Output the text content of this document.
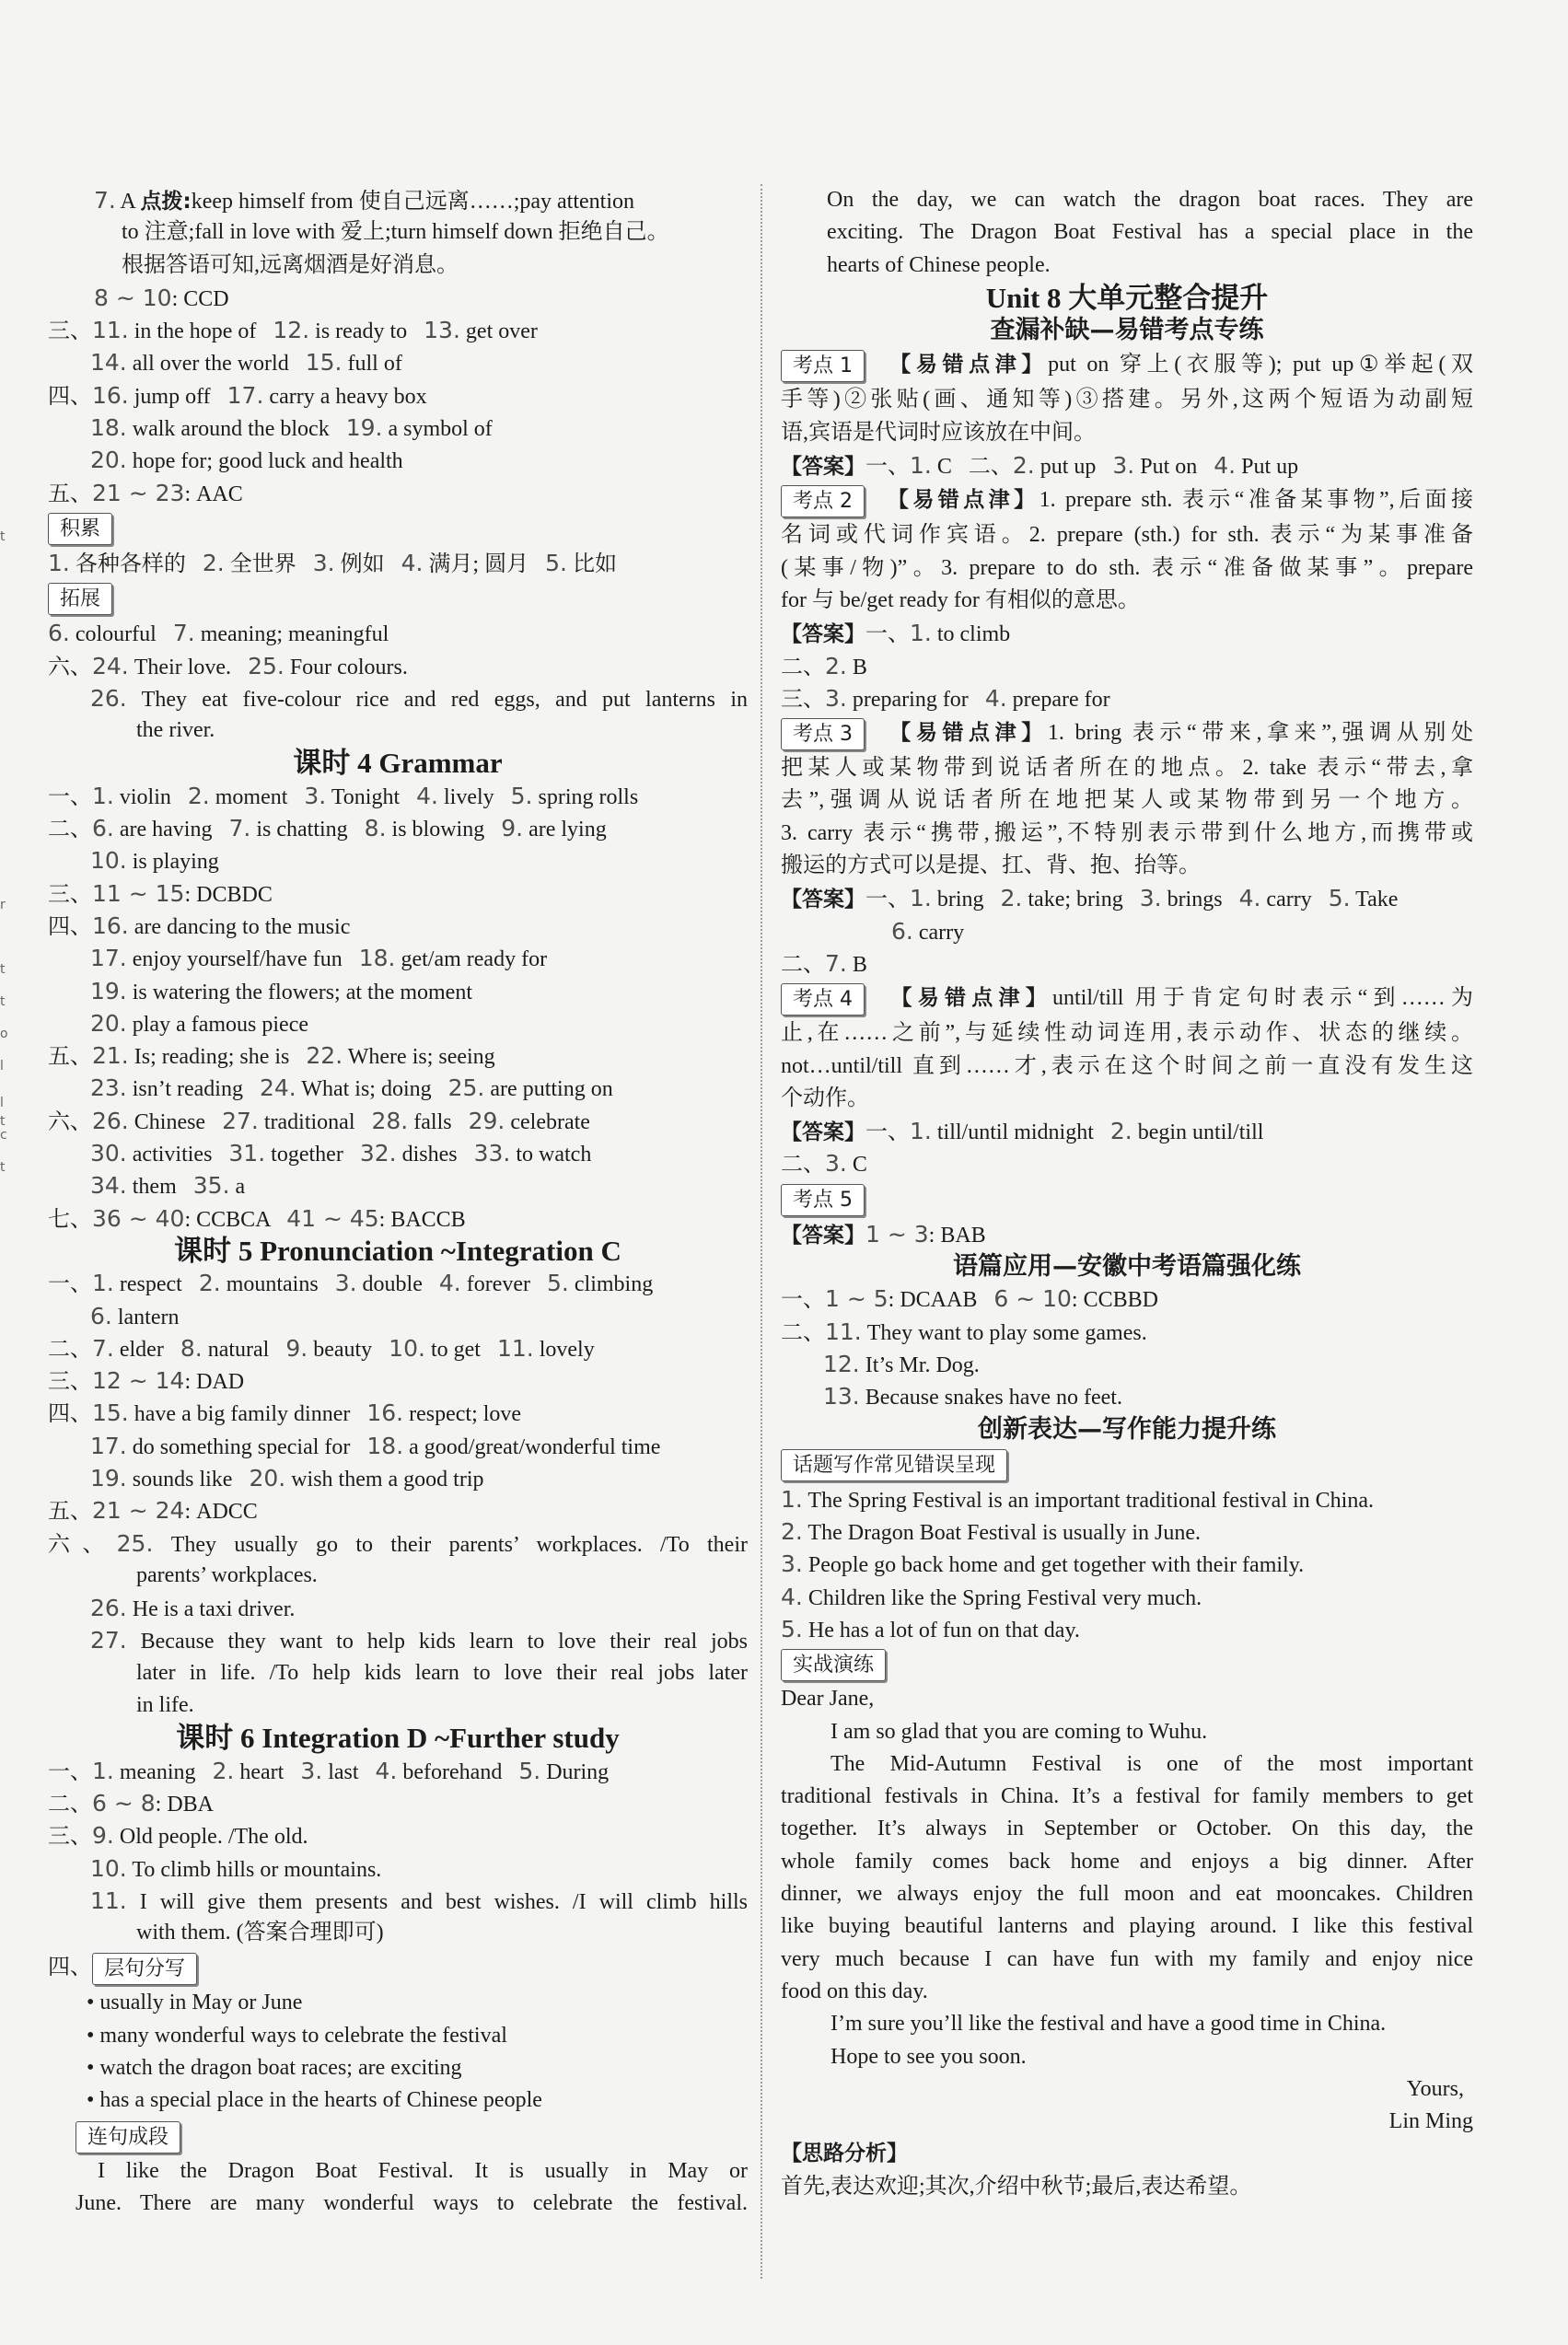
t
r
t
t
o
l
l
c
t
t
7. A 点拨:keep himself from 使自己远离……;pay attention
to 注意;fall in love with 爱上;turn himself down 拒绝自己。
根据答语可知,远离烟酒是好消息。
8 ~ 10: CCD
三、11. in the hope of   12. is ready to   13. get over
14. all over the world   15. full of
四、16. jump off   17. carry a heavy box
18. walk around the block   19. a symbol of
20. hope for; good luck and health
五、21 ~ 23: AAC
积累
1. 各种各样的   2. 全世界   3. 例如   4. 满月; 圆月   5. 比如
拓展
6. colourful   7. meaning; meaningful
六、24. Their love.   25. Four colours.
26. They eat five-colour rice and red eggs, and put lanterns in
the river.
课时 4 Grammar
一、1. violin   2. moment   3. Tonight   4. lively   5. spring rolls
二、6. are having   7. is chatting   8. is blowing   9. are lying
10. is playing
三、11 ~ 15: DCBDC
四、16. are dancing to the music
17. enjoy yourself/have fun   18. get/am ready for
19. is watering the flowers; at the moment
20. play a famous piece
五、21. Is; reading; she is   22. Where is; seeing
23. isn’t reading   24. What is; doing   25. are putting on
六、26. Chinese   27. traditional   28. falls   29. celebrate
30. activities   31. together   32. dishes   33. to watch
34. them   35. a
七、36 ~ 40: CCBCA   41 ~ 45: BACCB
课时 5 Pronunciation ~Integration C
一、1. respect   2. mountains   3. double   4. forever   5. climbing
6. lantern
二、7. elder   8. natural   9. beauty   10. to get   11. lovely
三、12 ~ 14: DAD
四、15. have a big family dinner   16. respect; love
17. do something special for   18. a good/great/wonderful time
19. sounds like   20. wish them a good trip
五、21 ~ 24: ADCC
六、25. They usually go to their parents’ workplaces. /To their
parents’ workplaces.
26. He is a taxi driver.
27. Because they want to help kids learn to love their real jobs
later in life. /To help kids learn to love their real jobs later
in life.
课时 6 Integration D ~Further study
一、1. meaning   2. heart   3. last   4. beforehand   5. During
二、6 ~ 8: DBA
三、9. Old people. /The old.
10. To climb hills or mountains.
11. I will give them presents and best wishes. /I will climb hills
with them. (答案合理即可)
四、 层句分写
• usually in May or June
• many wonderful ways to celebrate the festival
• watch the dragon boat races; are exciting
• has a special place in the hearts of Chinese people
连句成段
I like the Dragon Boat Festival. It is usually in May or
June. There are many wonderful ways to celebrate the festival.
On the day, we can watch the dragon boat races. They are
exciting. The Dragon Boat Festival has a special place in the
hearts of Chinese people.
Unit 8 大单元整合提升
查漏补缺—易错考点专练
考点 1  【易错点津】put on 穿上(衣服等); put up①举起(双
手等)②张贴(画、通知等)③搭建。另外,这两个短语为动副短
语,宾语是代词时应该放在中间。
【答案】一、1. C   二、2. put up   3. Put on   4. Put up
考点 2  【易错点津】1. prepare sth. 表示“准备某事物”,后面接
名词或代词作宾语。2. prepare (sth.) for sth. 表示“为某事准备
(某事/物)”。3. prepare to do sth. 表示“准备做某事”。prepare
for 与 be/get ready for 有相似的意思。
【答案】一、1. to climb
二、2. B
三、3. preparing for   4. prepare for
考点 3  【易错点津】1. bring 表示“带来,拿来”,强调从别处
把某人或某物带到说话者所在的地点。2. take 表示“带去,拿
去”,强调从说话者所在地把某人或某物带到另一个地方。
3. carry 表示“携带,搬运”,不特别表示带到什么地方,而携带或
搬运的方式可以是提、扛、背、抱、抬等。
【答案】一、1. bring   2. take; bring   3. brings   4. carry   5. Take
6. carry
二、7. B
考点 4  【易错点津】until/till 用于肯定句时表示“到……为
止,在……之前”,与延续性动词连用,表示动作、状态的继续。
not…until/till 直到……才,表示在这个时间之前一直没有发生这
个动作。
【答案】一、1. till/until midnight   2. begin until/till
二、3. C
考点 5
【答案】1 ~ 3: BAB
语篇应用—安徽中考语篇强化练
一、1 ~ 5: DCAAB   6 ~ 10: CCBBD
二、11. They want to play some games.
12. It’s Mr. Dog.
13. Because snakes have no feet.
创新表达—写作能力提升练
话题写作常见错误呈现
1. The Spring Festival is an important traditional festival in China.
2. The Dragon Boat Festival is usually in June.
3. People go back home and get together with their family.
4. Children like the Spring Festival very much.
5. He has a lot of fun on that day.
实战演练
Dear Jane,
I am so glad that you are coming to Wuhu.
The Mid-Autumn Festival is one of the most important
traditional festivals in China. It’s a festival for family members to get
together. It’s always in September or October. On this day, the
whole family comes back home and enjoys a big dinner. After
dinner, we always enjoy the full moon and eat mooncakes. Children
like buying beautiful lanterns and playing around. I like this festival
very much because I can have fun with my family and enjoy nice
food on this day.
I’m sure you’ll like the festival and have a good time in China.
Hope to see you soon.
Yours,
Lin Ming
【思路分析】
首先,表达欢迎;其次,介绍中秋节;最后,表达希望。
